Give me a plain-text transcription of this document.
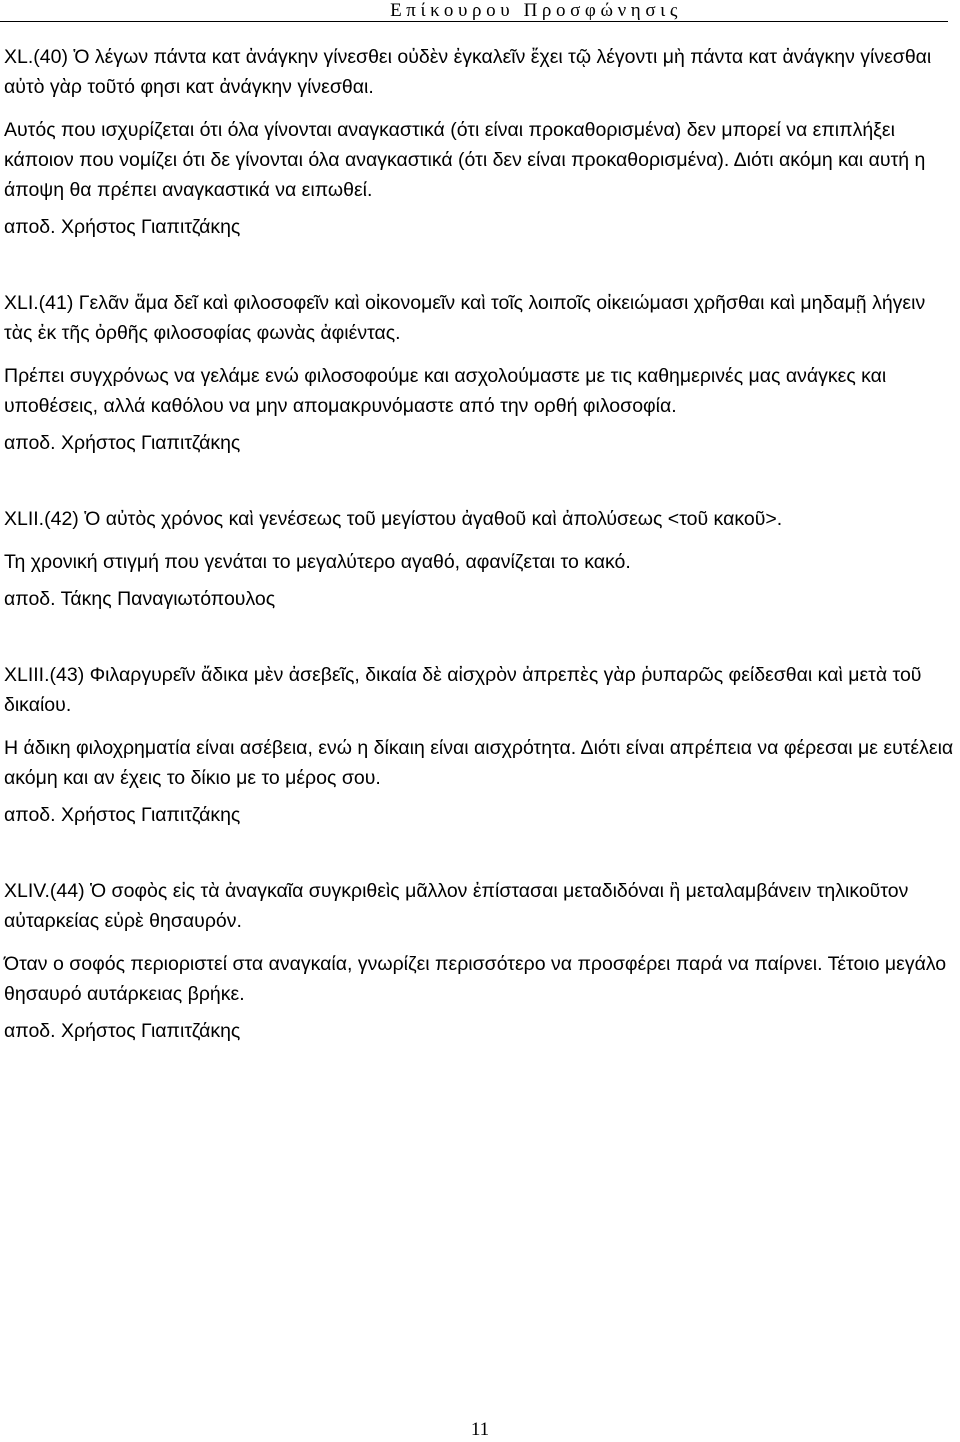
Επίκουρου Προσφώνησις

XL.(40) Ὁ λέγων πάντα κατ ἀνάγκην γίνεσθει οὐδὲν ἐγκαλεῖν ἔχει τῷ λέγοντι μὴ πάντα κατ ἀνάγκην γίνεσθαι αὐτὸ γὰρ τοῦτό φησι κατ ἀνάγκην γίνεσθαι.

Αυτός που ισχυρίζεται ότι όλα γίνονται αναγκαστικά (ότι είναι προκαθορισμένα) δεν μπορεί να επιπλήξει κάποιον που νομίζει ότι δε γίνονται όλα αναγκαστικά (ότι δεν είναι προκαθορισμένα). Διότι ακόμη και αυτή η άποψη θα πρέπει αναγκαστικά να ειπωθεί.

αποδ. Χρήστος Γιαπιτζάκης

XLI.(41) Γελᾶν ἅμα δεῖ καὶ φιλοσοφεῖν καὶ οἰκονομεῖν καὶ τοῖς λοιποῖς οἰκειώμασι χρῆσθαι καὶ μηδαμῇ λήγειν τὰς ἐκ τῆς ὀρθῆς φιλοσοφίας φωνὰς ἀφιέντας.

Πρέπει συγχρόνως να γελάμε ενώ φιλοσοφούμε και ασχολούμαστε με τις καθημερινές μας ανάγκες και υποθέσεις, αλλά καθόλου να μην απομακρυνόμαστε από την ορθή φιλοσοφία.

αποδ. Χρήστος Γιαπιτζάκης

XLII.(42) Ὁ αὐτὸς χρόνος καὶ γενέσεως τοῦ μεγίστου ἀγαθοῦ καὶ ἀπολύσεως <τοῦ κακοῦ>.

Τη χρονική στιγμή που γενάται το μεγαλύτερο αγαθό, αφανίζεται το κακό.

αποδ. Τάκης Παναγιωτόπουλος

XLIII.(43) Φιλαργυρεῖν ἄδικα μὲν ἀσεβεῖς, δικαία δὲ αἰσχρὸν ἀπρεπὲς γὰρ ῥυπαρῶς φείδεσθαι καὶ μετὰ τοῦ δικαίου.

Η άδικη φιλοχρηματία είναι ασέβεια, ενώ η δίκαιη είναι αισχρότητα. Διότι είναι απρέπεια να φέρεσαι με ευτέλεια ακόμη και αν έχεις το δίκιο με το μέρος σου.

αποδ. Χρήστος Γιαπιτζάκης

XLIV.(44) Ὁ σοφὸς εἰς τὰ ἀναγκαῖα συγκριθεὶς μᾶλλον ἐπίστασαι μεταδιδόναι ἢ μεταλαμβάνειν τηλικοῦτον αὐταρκείας εὑρὲ θησαυρόν.

Όταν ο σοφός περιοριστεί στα αναγκαία, γνωρίζει περισσότερο να προσφέρει παρά να παίρνει. Τέτοιο μεγάλο θησαυρό αυτάρκειας βρήκε.

αποδ. Χρήστος Γιαπιτζάκης

11
